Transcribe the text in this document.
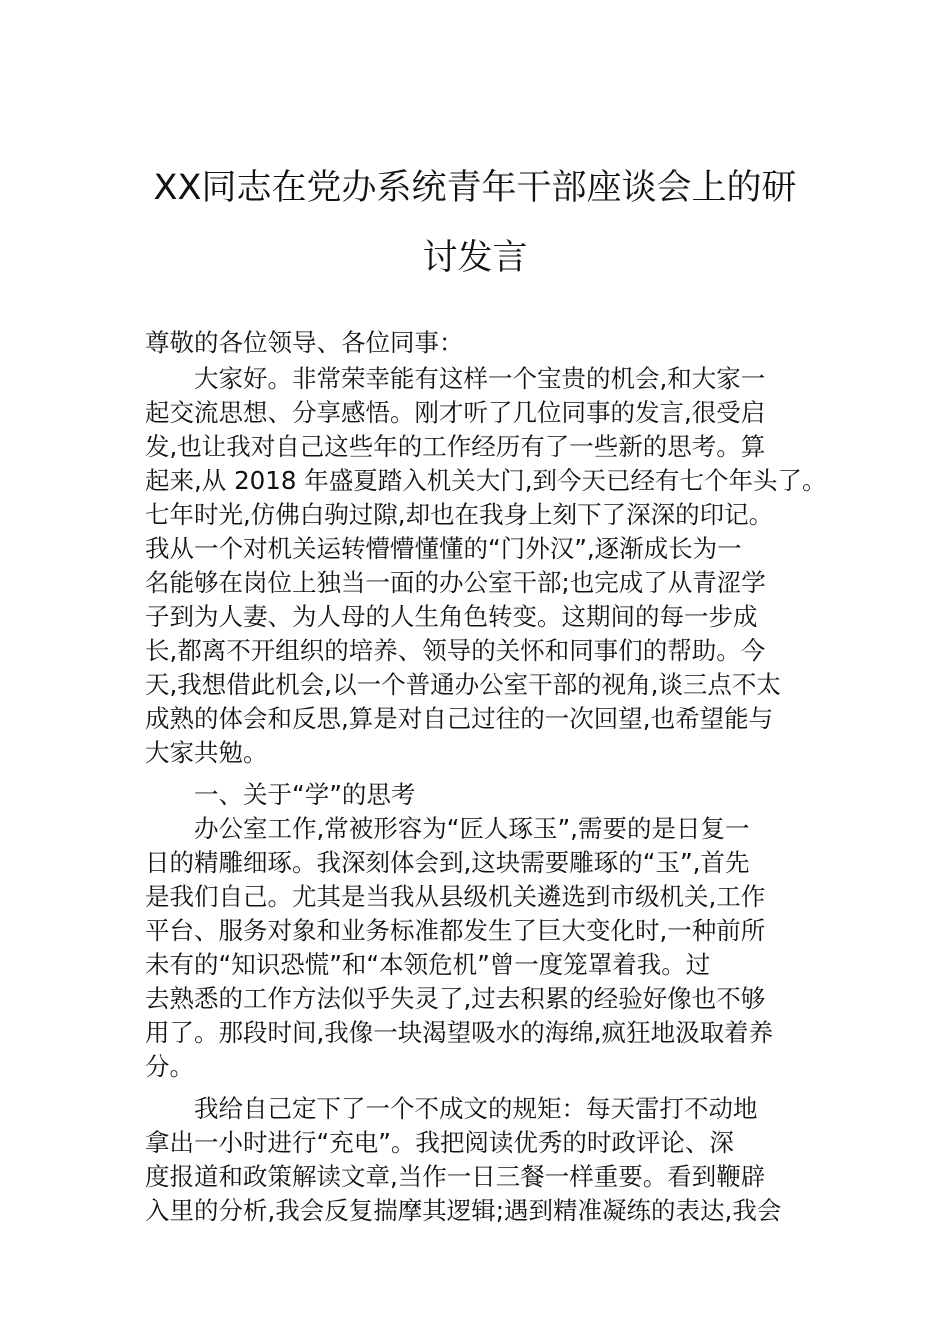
XX同志在党办系统青年干部座谈会上的研
讨发言
尊敬的各位领导、各位同事：
大家好。非常荣幸能有这样一个宝贵的机会,和大家一
起交流思想、分享感悟。刚才听了几位同事的发言,很受启
发,也让我对自己这些年的工作经历有了一些新的思考。算
起来,从 2018 年盛夏踏入机关大门,到今天已经有七个年头了。
七年时光,仿佛白驹过隙,却也在我身上刻下了深深的印记。
我从一个对机关运转懵懵懂懂的“门外汉”,逐渐成长为一
名能够在岗位上独当一面的办公室干部;也完成了从青涩学
子到为人妻、为人母的人生角色转变。这期间的每一步成
长,都离不开组织的培养、领导的关怀和同事们的帮助。今
天,我想借此机会,以一个普通办公室干部的视角,谈三点不太
成熟的体会和反思,算是对自己过往的一次回望,也希望能与
大家共勉。
一、关于“学”的思考
办公室工作,常被形容为“匠人琢玉”,需要的是日复一
日的精雕细琢。我深刻体会到,这块需要雕琢的“玉”,首先
是我们自己。尤其是当我从县级机关遴选到市级机关,工作
平台、服务对象和业务标准都发生了巨大变化时,一种前所
未有的“知识恐慌”和“本领危机”曾一度笼罩着我。过
去熟悉的工作方法似乎失灵了,过去积累的经验好像也不够
用了。那段时间,我像一块渴望吸水的海绵,疯狂地汲取着养
分。
我给自己定下了一个不成文的规矩：每天雷打不动地
拿出一小时进行“充电”。我把阅读优秀的时政评论、深
度报道和政策解读文章,当作一日三餐一样重要。看到鞭辟
入里的分析,我会反复揣摩其逻辑;遇到精准凝练的表达,我会
